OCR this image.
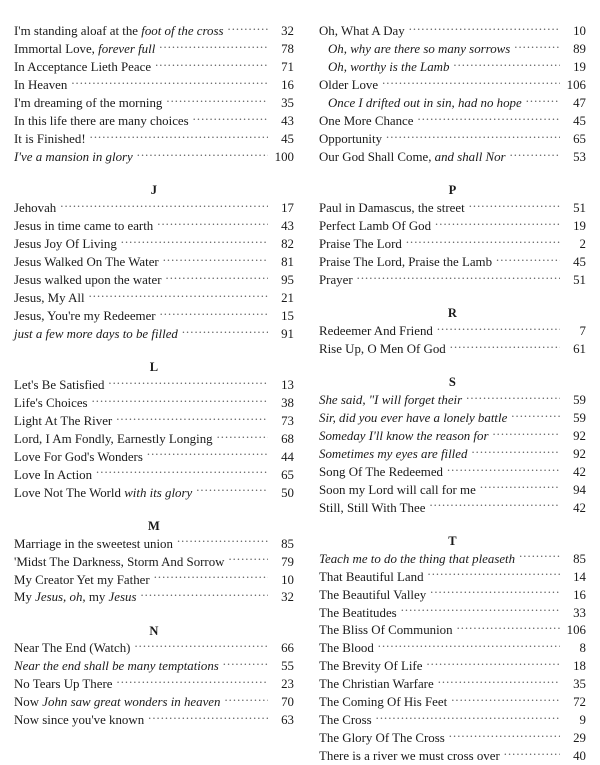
I'm standing aloaf at the foot of the cross .....	32
Immortal Love, forever full .....	78
In Acceptance Lieth Peace .....	71
In Heaven .....	16
I'm dreaming of the morning .....	35
In this life there are many choices .....	43
It is Finished! .....	45
I've a mansion in glory .....	100
J
Jehovah .....	17
Jesus in time came to earth .....	43
Jesus Joy Of Living .....	82
Jesus Walked On The Water .....	81
Jesus walked upon the water .....	95
Jesus, My All .....	21
Jesus, You're my Redeemer .....	15
just a few more days to be filled .....	91
L
Let's Be Satisfied .....	13
Life's Choices .....	38
Light At The River .....	73
Lord, I Am Fondly, Earnestly Longing .....	68
Love For God's Wonders .....	44
Love In Action .....	65
Love Not The World with its glory .....	50
M
Marriage in the sweetest union .....	85
'Midst The Darkness, Storm And Sorrow .....	79
My Creator Yet my Father .....	10
My Jesus, oh, my Jesus .....	32
N
Near The End (Watch) .....	66
Near the end shall be many temptations .....	55
No Tears Up There .....	23
Now John saw great wonders in heaven .....	70
Now since you've known .....	63
Oh, What A Day .....	10
Oh, why are there so many sorrows .....	89
Oh, worthy is the Lamb .....	19
Older Love .....	106
Once I drifted out in sin, had no hope .....	47
One More Chance .....	45
Opportunity .....	65
Our God Shall Come, and shall Nor .....	53
P
Paul in Damascus, the street .....	51
Perfect Lamb Of God .....	19
Praise The Lord .....	2
Praise The Lord, Praise the Lamb .....	45
Prayer .....	51
R
Redeemer And Friend .....	7
Rise Up, O Men Of God .....	61
S
She said, "I will forget their .....	59
Sir, did you ever have a lonely battle .....	59
Someday I'll know the reason for .....	92
Sometimes my eyes are filled .....	92
Song Of The Redeemed .....	42
Soon my Lord will call for me .....	94
Still, Still With Thee .....	42
T
Teach me to do the thing that pleaseth .....	85
That Beautiful Land .....	14
The Beautiful Valley .....	16
The Beatitudes .....	33
The Bliss Of Communion .....	106
The Blood .....	8
The Brevity Of Life .....	18
The Christian Warfare .....	35
The Coming Of His Feet .....	72
The Cross .....	9
The Glory Of The Cross .....	29
There is a river we must cross over .....	40
